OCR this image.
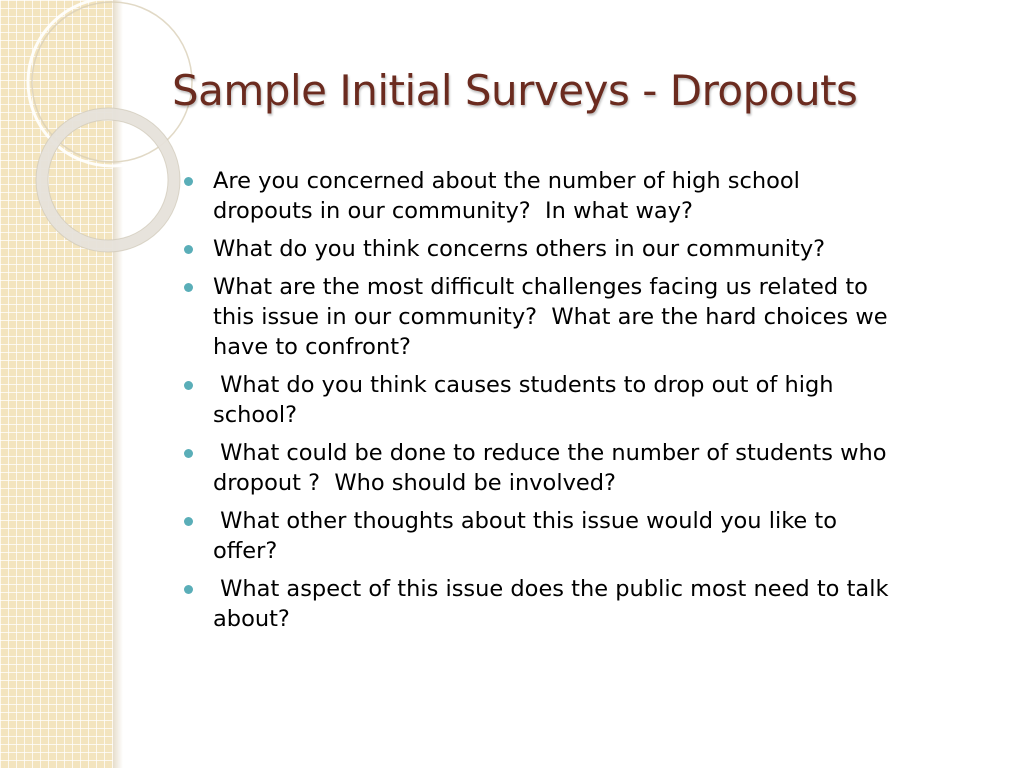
Sample Initial Surveys - Dropouts
Are you concerned about the number of high school
dropouts in our community?  In what way?
What do you think concerns others in our community?
What are the most difficult challenges facing us related to
this issue in our community?  What are the hard choices we
have to confront?
What do you think causes students to drop out of high
school?
What could be done to reduce the number of students who
dropout ?  Who should be involved?
What other thoughts about this issue would you like to
offer?
What aspect of this issue does the public most need to talk
about?
